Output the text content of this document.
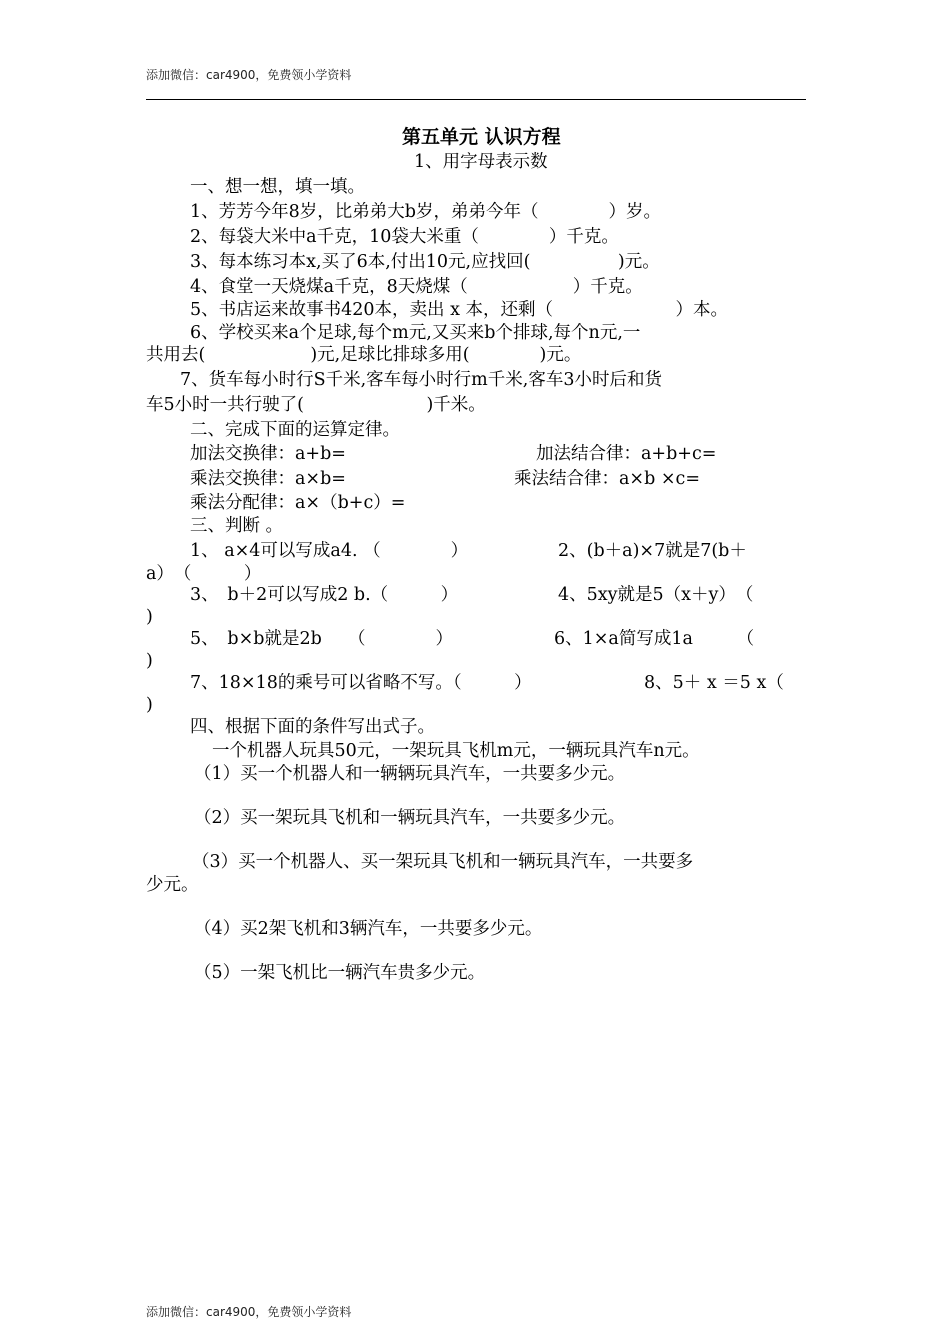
添加微信：car4900，免费领小学资料
第五单元 认识方程
1、用字母表示数
一、想一想，填一填。
1、芳芳今年8岁，比弟弟大b岁，弟弟今年（　　　　）岁。
2、每袋大米中a千克，10袋大米重（　　　　）千克。
3、每本练习本x,买了6本,付出10元,应找回(　　　　　)元。
4、食堂一天烧煤a千克，8天烧煤（　　　　　　）千克。
5、书店运来故事书420本，卖出 x 本，还剩（　　　　　　　）本。
6、学校买来a个足球,每个m元,又买来b个排球,每个n元,一
共用去(　　　　　　)元,足球比排球多用(　　　　)元。
7、货车每小时行S千米,客车每小时行m千米,客车3小时后和货
车5小时一共行驶了(　　　　　　　)千米。
二、完成下面的运算定律。
加法交换律：a+b=	加法结合律：a+b+c=
乘法交换律：a×b=	乘法结合律：a×b ×c=
乘法分配律：a×（b+c）=
三、判断 。
1、 a×4可以写成a4. （　　　　）	2、(b＋a)×7就是7(b＋
a）　（　　　）
3、　b＋2可以写成2 b.（　　　）	4、5xy就是5（x＋y）　（
)
5、　b×b就是2b　　（　　　　）	6、1×a简写成1a　　　（
)
7、18×18的乘号可以省略不写。（　　　）	8、5＋ x ＝5 x（
)
四、根据下面的条件写出式子。
一个机器人玩具50元，一架玩具飞机m元，一辆玩具汽车n元。
（1）买一个机器人和一辆辆玩具汽车，一共要多少元。
（2）买一架玩具飞机和一辆玩具汽车，一共要多少元。
（3）买一个机器人、买一架玩具飞机和一辆玩具汽车，一共要多
少元。
（4）买2架飞机和3辆汽车，一共要多少元。
（5）一架飞机比一辆汽车贵多少元。
添加微信：car4900，免费领小学资料
